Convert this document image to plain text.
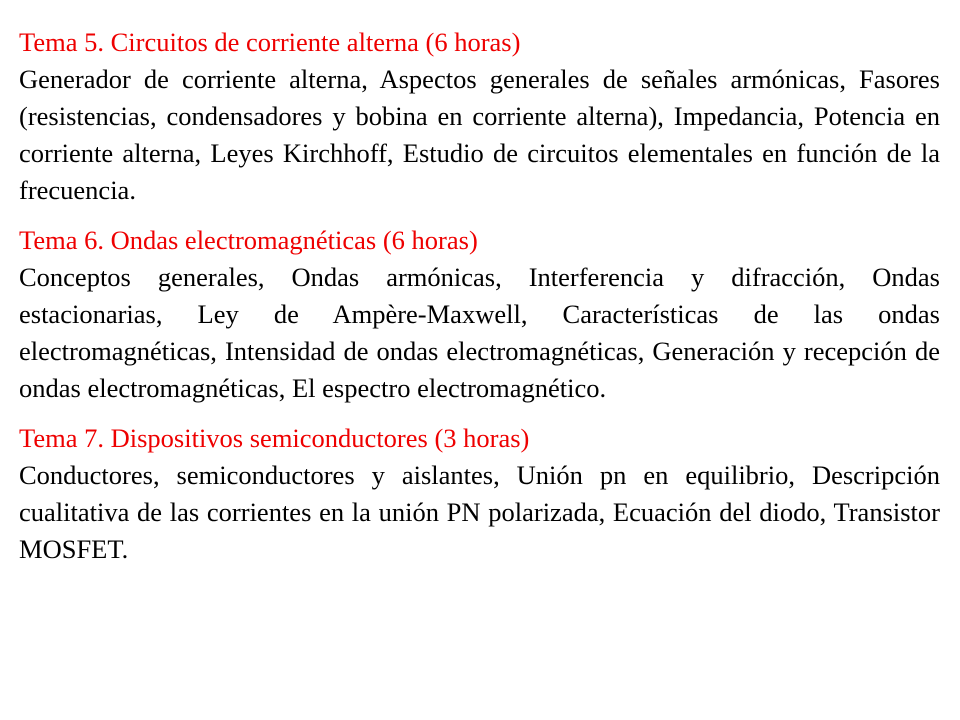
Tema 5. Circuitos de corriente alterna (6 horas)

Generador de corriente alterna, Aspectos generales de señales armónicas, Fasores (resistencias, condensadores y bobina en corriente alterna), Impedancia, Potencia en corriente alterna, Leyes Kirchhoff, Estudio de circuitos elementales en función de la frecuencia.

Tema 6. Ondas electromagnéticas (6 horas)

Conceptos generales, Ondas armónicas, Interferencia y difracción, Ondas estacionarias, Ley de Ampère-Maxwell, Características de las ondas electromagnéticas, Intensidad de ondas electromagnéticas, Generación y recepción de ondas electromagnéticas, El espectro electromagnético.

Tema 7. Dispositivos semiconductores (3 horas)

Conductores, semiconductores y aislantes, Unión pn en equilibrio, Descripción cualitativa de las corrientes en la unión PN polarizada, Ecuación del diodo, Transistor MOSFET.
